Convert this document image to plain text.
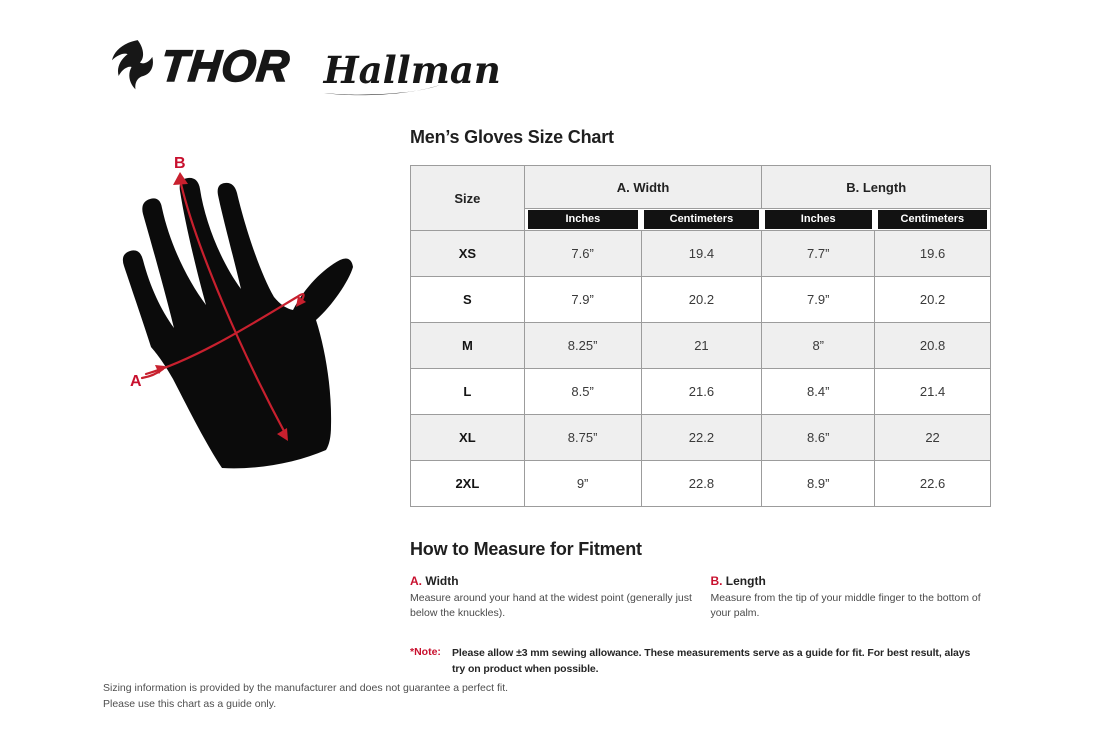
THOR Hallman
A
B
Men’s Gloves Size Chart
Size	A. Width		B. Length	

	Inches	Centimeters	Inches	Centimeters

XS	7.6”	19.4	7.7”	19.6
S	7.9”	20.2	7.9”	20.2
M	8.25”	21	8”	20.8
L	8.5”	21.6	8.4”	21.4
XL	8.75”	22.2	8.6”	22
2XL	9”	22.8	8.9”	22.6
How to Measure for Fitment
A. Width

Measure around your hand at the widest point (generally just below the knuckles).

B. Length

Measure from the tip of your middle finger to the bottom of your palm.

*Note:	Please allow ±3 mm sewing allowance. These measurements serve as a guide for fit. For best result, alays try on product when possible.

Sizing information is provided by the manufacturer and does not guarantee a perfect fit.

Please use this chart as a guide only.
